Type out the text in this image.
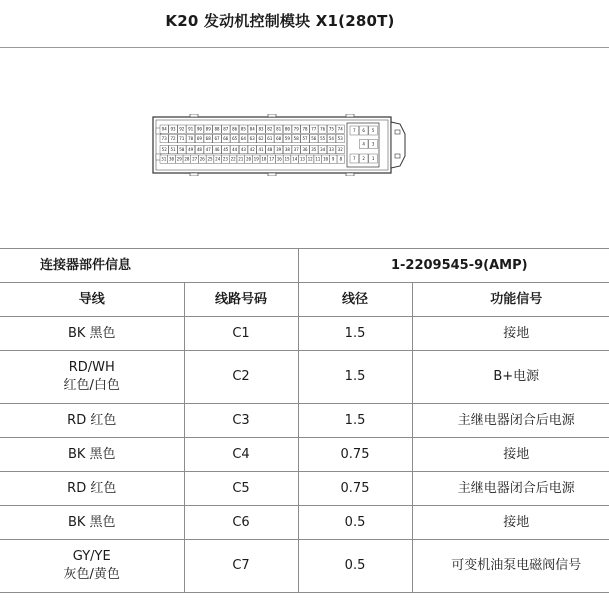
K20 发动机控制模块 X1(280T)
94 93 92 91 90 89 88 87 86 85 84 83 82 81 80 79 78 77 76 75 74
73 72 71 70 69 68 67 66 65 64 63 62 61 60 59 58 57 56 55 54 53
52 51 50 49 48 47 46 45 44 43 42 41 40 39 38 37 36 35 34 33 32
31 30 29 28 27 26 25 24 23 22 21 20 19 18 17 16 15 14 13 12 11 10 9 8
7 6 5
4 3
7 2 1
连接器部件信息		1-2209545-9(AMP)	
导线	线路号码	线径	功能信号

BK 黑色	C1	1.5	接地

RD/WH
红色/白色	C2	1.5	B+电源

RD 红色	C3	1.5	主继电器闭合后电源

BK 黑色	C4	0.75	接地

RD 红色	C5	0.75	主继电器闭合后电源

BK 黑色	C6	0.5	接地

GY/YE
灰色/黄色	C7	0.5	可变机油泵电磁阀信号
